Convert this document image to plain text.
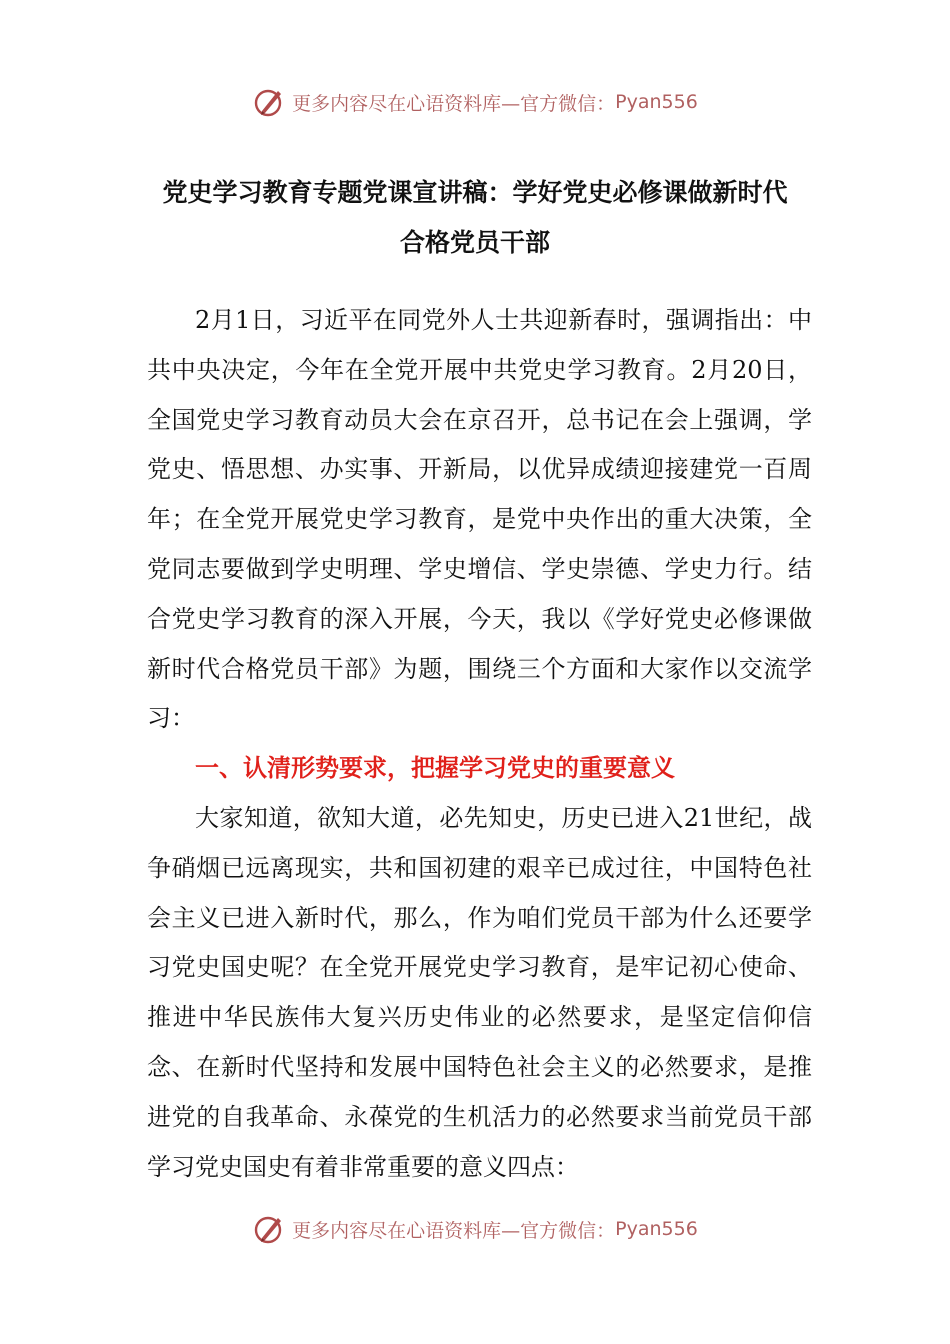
更多内容尽在心语资料库—官方微信： Pyan556
党史学习教育专题党课宣讲稿：学好党史必修课做新时代
合格党员干部

2月1日，习近平在同党外人士共迎新春时，强调指出：中共中央决定，今年在全党开展中共党史学习教育。2月20日，全国党史学习教育动员大会在京召开，总书记在会上强调，学党史、悟思想、办实事、开新局，以优异成绩迎接建党一百周年；在全党开展党史学习教育，是党中央作出的重大决策，全党同志要做到学史明理、学史增信、学史崇德、学史力行。结合党史学习教育的深入开展，今天，我以《学好党史必修课做新时代合格党员干部》为题，围绕三个方面和大家作以交流学习：

一、认清形势要求，把握学习党史的重要意义

大家知道，欲知大道，必先知史，历史已进入21世纪，战争硝烟已远离现实，共和国初建的艰辛已成过往，中国特色社会主义已进入新时代，那么，作为咱们党员干部为什么还要学习党史国史呢？在全党开展党史学习教育，是牢记初心使命、推进中华民族伟大复兴历史伟业的必然要求，是坚定信仰信念、在新时代坚持和发展中国特色社会主义的必然要求，是推进党的自我革命、永葆党的生机活力的必然要求当前党员干部学习党史国史有着非常重要的意义四点：

更多内容尽在心语资料库—官方微信： Pyan556
